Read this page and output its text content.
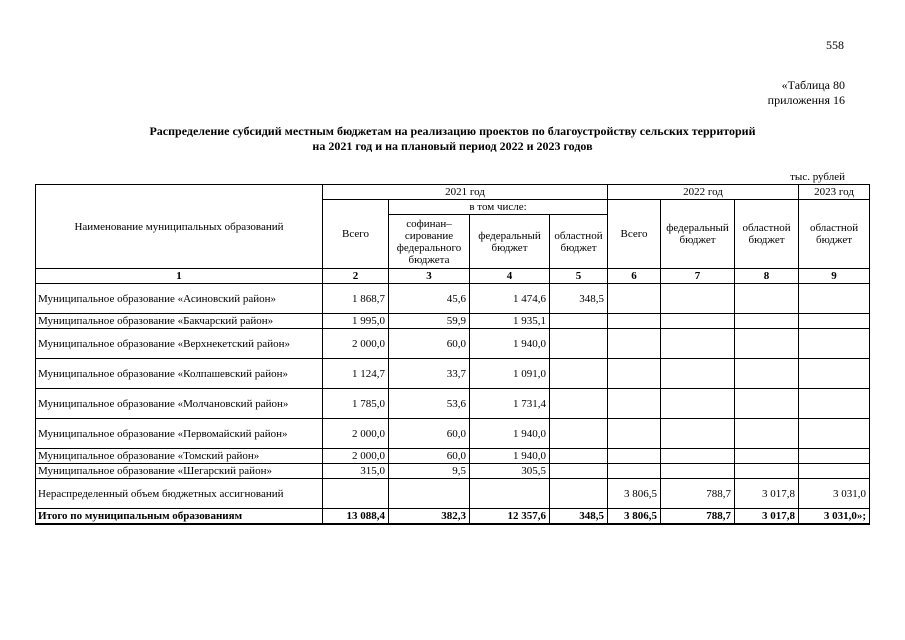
558
«Таблица 80
приложення 16
Распределение субсидий местным бюджетам на реализацию проектов по благоустройству сельских территорий
на 2021 год и на плановый период 2022 и 2023 годов
тыс. рублей
Наименование муниципальных образований	2021 год				2022 год			2023 год
	Всего	в том числе:			Всего	федеральный бюджет	областной бюджет	областной бюджет
		софинан–сирование федерального бюджета	федеральный бюджет	областной бюджет				
1	2	3	4	5	6	7	8	9
Муниципальное образование «Асиновский район»	1 868,7	45,6	1 474,6	348,5				
Муниципальное образование «Бакчарский район»	1 995,0	59,9	1 935,1					
Муниципальное образование «Верхнекетский район»	2 000,0	60,0	1 940,0					
Муниципальное образование «Колпашевский район»	1 124,7	33,7	1 091,0					
Муниципальное образование «Молчановский район»	1 785,0	53,6	1 731,4					
Муниципальное образование «Первомайский район»	2 000,0	60,0	1 940,0					
Муниципальное образование «Томский район»	2 000,0	60,0	1 940,0					
Муниципальное образование «Шегарский район»	315,0	9,5	305,5					
Нераспределенный объем бюджетных ассигнований					3 806,5	788,7	3 017,8	3 031,0
Итого по муниципальным образованиям	13 088,4	382,3	12 357,6	348,5	3 806,5	788,7	3 017,8	3 031,0»;
